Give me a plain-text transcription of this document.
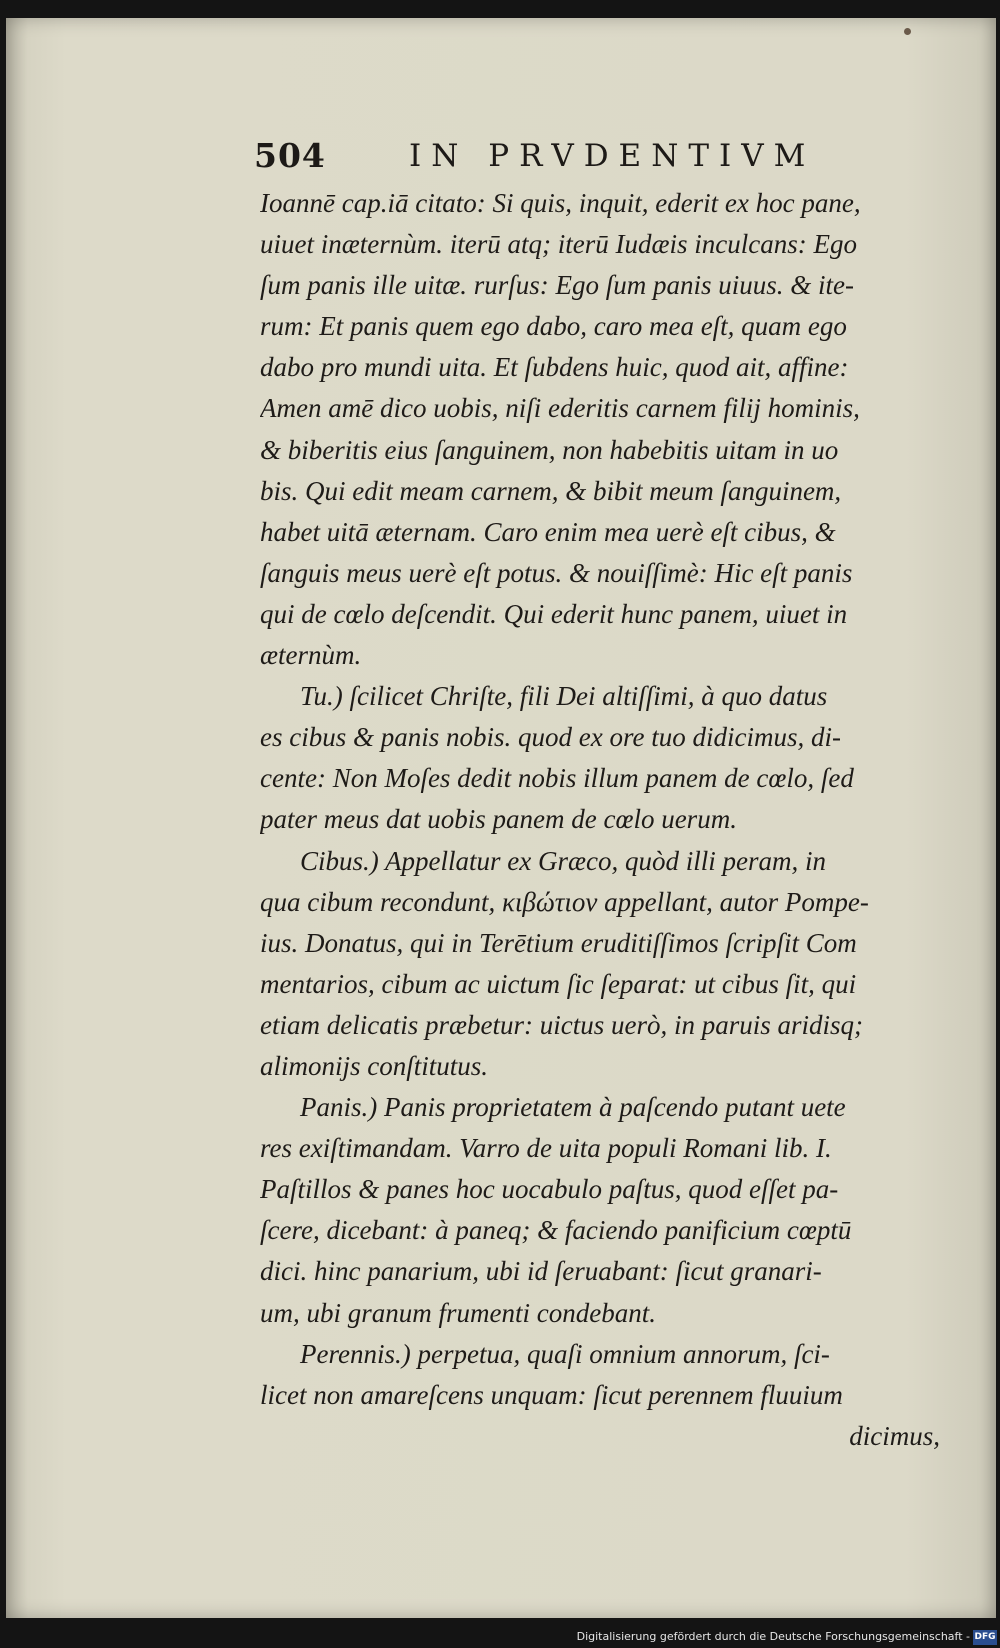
504	IN PRVDENTIVM
Ioannē cap.iā citato: Si quis, inquit, ederit ex hoc pane,
uiuet inæternùm. iterū atq; iterū Iudæis inculcans: Ego
ſum panis ille uitæ. rurſus: Ego ſum panis uiuus. & ite-
rum: Et panis quem ego dabo, caro mea eſt, quam ego
dabo pro mundi uita. Et ſubdens huic, quod ait, affine:
Amen amē dico uobis, niſi ederitis carnem filij hominis,
& biberitis eius ſanguinem, non habebitis uitam in uo
bis. Qui edit meam carnem, & bibit meum ſanguinem,
habet uitā æternam. Caro enim mea uerè eſt cibus, &
ſanguis meus uerè eſt potus. & nouiſſimè: Hic eſt panis
qui de cœlo deſcendit. Qui ederit hunc panem, uiuet in
æternùm.
Tu.) ſcilicet Chriſte, fili Dei altiſſimi, à quo datus
es cibus & panis nobis. quod ex ore tuo didicimus, di-
cente: Non Moſes dedit nobis illum panem de cœlo, ſed
pater meus dat uobis panem de cœlo uerum.
Cibus.) Appellatur ex Græco, quòd illi peram, in
qua cibum recondunt, κιβώτιον appellant, autor Pompe-
ius. Donatus, qui in Terētium eruditiſſimos ſcripſit Com
mentarios, cibum ac uictum ſic ſeparat: ut cibus ſit, qui
etiam delicatis præbetur: uictus uerò, in paruis aridisq;
alimonijs conſtitutus.
Panis.) Panis proprietatem à paſcendo putant uete
res exiſtimandam. Varro de uita populi Romani lib. I.
Paſtillos & panes hoc uocabulo paſtus, quod eſſet pa-
ſcere, dicebant: à paneq; & faciendo panificium cœptū
dici. hinc panarium, ubi id ſeruabant: ſicut granari-
um, ubi granum frumenti condebant.
Perennis.) perpetua, quaſi omnium annorum, ſci-
licet non amareſcens unquam: ſicut perennem fluuium
dicimus,
Digitalisierung gefördert durch die Deutsche Forschungsgemeinschaft - DFG
